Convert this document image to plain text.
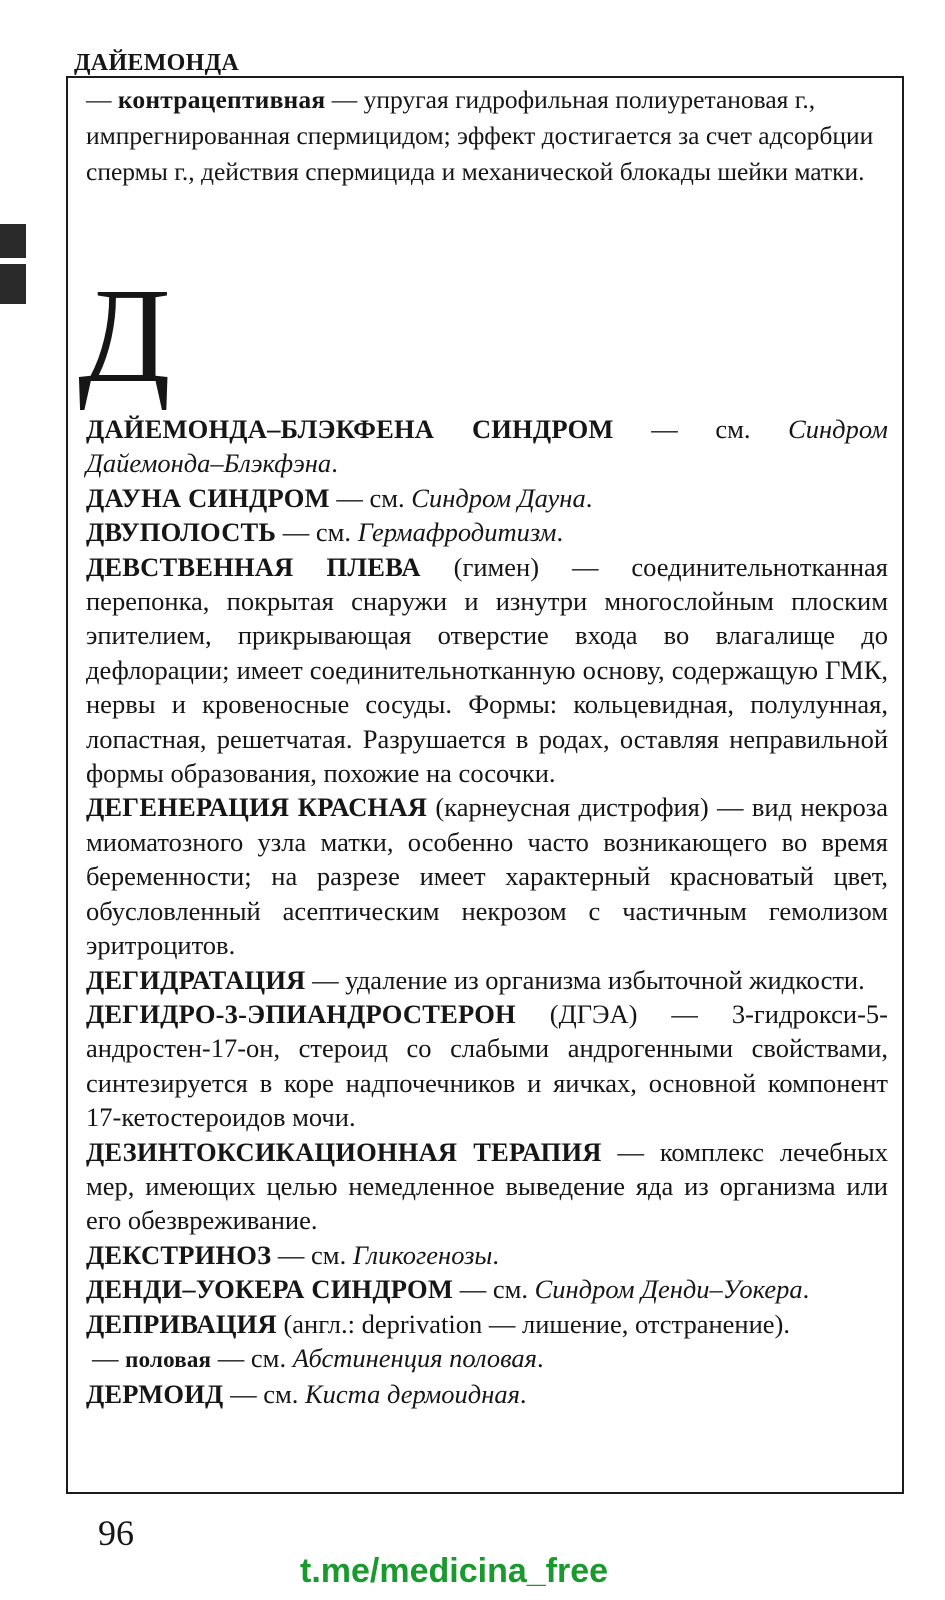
ДАЙЕМОНДА
— контрацептивная — упругая гидрофильная полиуретановая г., импрегнированная спермицидом; эффект достигается за счет адсорбции спермы г., действия спермицида и механической блокады шейки матки.
Д

ДАЙЕМОНДА–БЛЭКФЕНА СИНДРОМ — см. Синдром Дайемонда–Блэкфэна.

ДАУНА СИНДРОМ — см. Синдром Дауна.

ДВУПОЛОСТЬ — см. Гермафродитизм.

ДЕВСТВЕННАЯ ПЛЕВА (гимен) — соединительнотканная перепонка, покрытая снаружи и изнутри многослойным плоским эпителием, прикрывающая отверстие входа во влагалище до дефлорации; имеет соединительнотканную основу, содержащую ГМК, нервы и кровеносные сосуды. Формы: кольцевидная, полулунная, лопастная, решетчатая. Разрушается в родах, оставляя неправильной формы образования, похожие на сосочки.

ДЕГЕНЕРАЦИЯ КРАСНАЯ (карнеусная дистрофия) — вид некроза миоматозного узла матки, особенно часто возникающего во время беременности; на разрезе имеет характерный красноватый цвет, обусловленный асептическим некрозом с частичным гемолизом эритроцитов.

ДЕГИДРАТАЦИЯ — удаление из организма избыточной жидкости.

ДЕГИДРО-3-ЭПИАНДРОСТЕРОН (ДГЭА) — 3-гидрокси-5-андростен-17-он, стероид со слабыми андрогенными свойствами, синтезируется в коре надпочечников и яичках, основной компонент 17-кетостероидов мочи.

ДЕЗИНТОКСИКАЦИОННАЯ ТЕРАПИЯ — комплекс лечебных мер, имеющих целью немедленное выведение яда из организма или его обезвреживание.

ДЕКСТРИНОЗ — см. Гликогенозы.

ДЕНДИ–УОКЕРА СИНДРОМ — см. Синдром Денди–Уокера.

ДЕПРИВАЦИЯ (англ.: deprivation — лишение, отстранение).

— половая — см. Абстиненция половая.

ДЕРМОИД — см. Киста дермоидная.

96
t.me/medicina_free
